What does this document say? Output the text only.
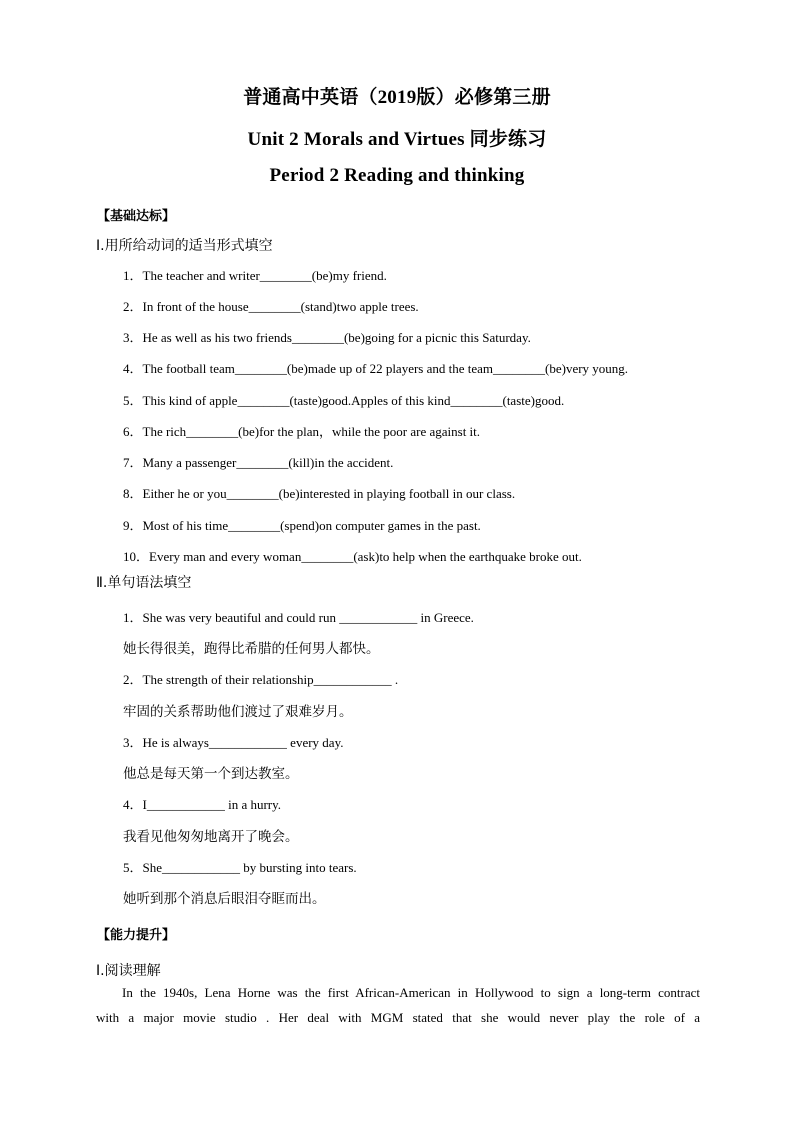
普通高中英语（2019版）必修第三册
Unit 2 Morals and Virtues 同步练习
Period 2 Reading and thinking
【基础达标】
Ⅰ.用所给动词的适当形式填空
1．The teacher and writer________(be)my friend.
2．In front of the house________(stand)two apple trees.
3．He as well as his two friends________(be)going for a picnic this Saturday.
4．The football team________(be)made up of 22 players and the team________(be)very young.
5．This kind of apple________(taste)good.Apples of this kind________(taste)good.
6．The rich________(be)for the plan，while the poor are against it.
7．Many a passenger________(kill)in the accident.
8．Either he or you________(be)interested in playing football in our class.
9．Most of his time________(spend)on computer games in the past.
10．Every man and every woman________(ask)to help when the earthquake broke out.
Ⅱ.单句语法填空
1．She was very beautiful and could run ____________ in Greece.
她长得很美，跑得比希腊的任何男人都快。
2．The strength of their relationship____________ .
牢固的关系帮助他们渡过了艰难岁月。
3．He is always____________ every day.
他总是每天第一个到达教室。
4．I____________ in a hurry.
我看见他匆匆地离开了晚会。
5．She____________ by bursting into tears.
她听到那个消息后眼泪夺眶而出。
【能力提升】
Ⅰ.阅读理解
In the 1940s, Lena Horne was the first African-American in Hollywood to sign a long-term contract
with a major movie studio . Her deal with MGM stated that she would never play the role of a
